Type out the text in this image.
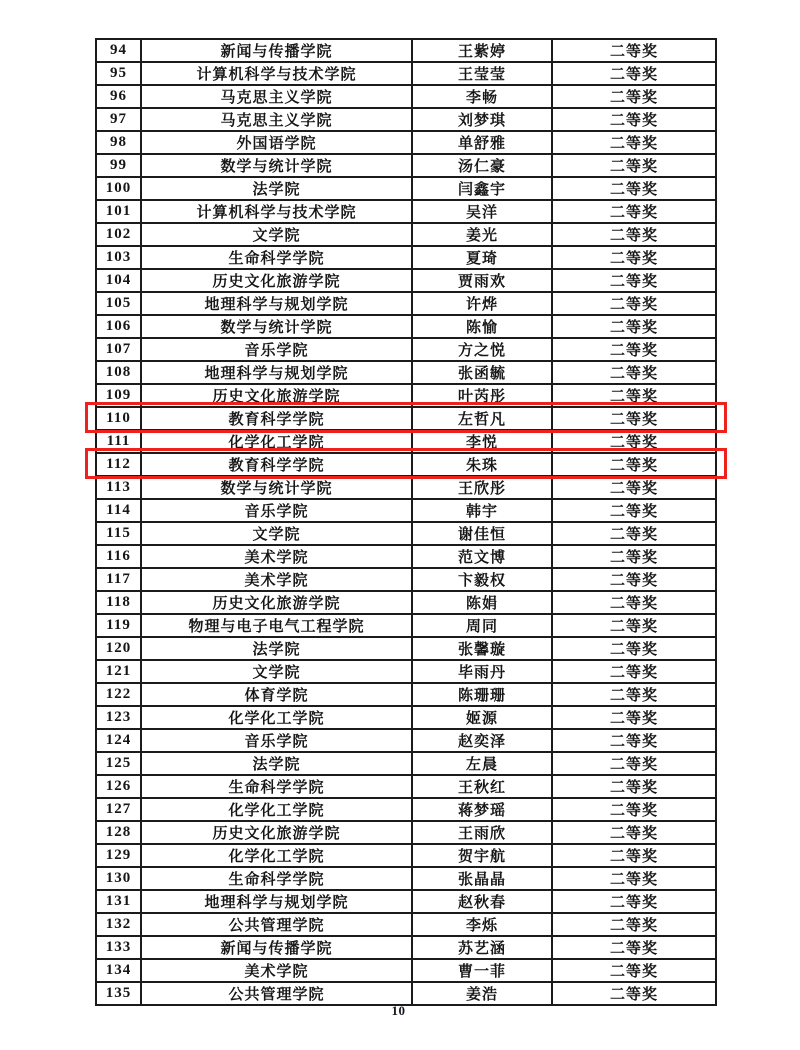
94	新闻与传播学院	王紫婷	二等奖
95	计算机科学与技术学院	王莹莹	二等奖
96	马克思主义学院	李畅	二等奖
97	马克思主义学院	刘梦琪	二等奖
98	外国语学院	单舒雅	二等奖
99	数学与统计学院	汤仁豪	二等奖
100	法学院	闫鑫宇	二等奖
101	计算机科学与技术学院	吴洋	二等奖
102	文学院	姜光	二等奖
103	生命科学学院	夏琦	二等奖
104	历史文化旅游学院	贾雨欢	二等奖
105	地理科学与规划学院	许烨	二等奖
106	数学与统计学院	陈愉	二等奖
107	音乐学院	方之悦	二等奖
108	地理科学与规划学院	张函毓	二等奖
109	历史文化旅游学院	叶芮彤	二等奖
110	教育科学学院	左哲凡	二等奖
111	化学化工学院	李悦	二等奖
112	教育科学学院	朱珠	二等奖
113	数学与统计学院	王欣彤	二等奖
114	音乐学院	韩宇	二等奖
115	文学院	谢佳恒	二等奖
116	美术学院	范文博	二等奖
117	美术学院	卞毅权	二等奖
118	历史文化旅游学院	陈娟	二等奖
119	物理与电子电气工程学院	周同	二等奖
120	法学院	张馨璇	二等奖
121	文学院	毕雨丹	二等奖
122	体育学院	陈珊珊	二等奖
123	化学化工学院	姬源	二等奖
124	音乐学院	赵奕泽	二等奖
125	法学院	左晨	二等奖
126	生命科学学院	王秋红	二等奖
127	化学化工学院	蒋梦瑶	二等奖
128	历史文化旅游学院	王雨欣	二等奖
129	化学化工学院	贺宇航	二等奖
130	生命科学学院	张晶晶	二等奖
131	地理科学与规划学院	赵秋春	二等奖
132	公共管理学院	李烁	二等奖
133	新闻与传播学院	苏艺涵	二等奖
134	美术学院	曹一菲	二等奖
135	公共管理学院	姜浩	二等奖
10
